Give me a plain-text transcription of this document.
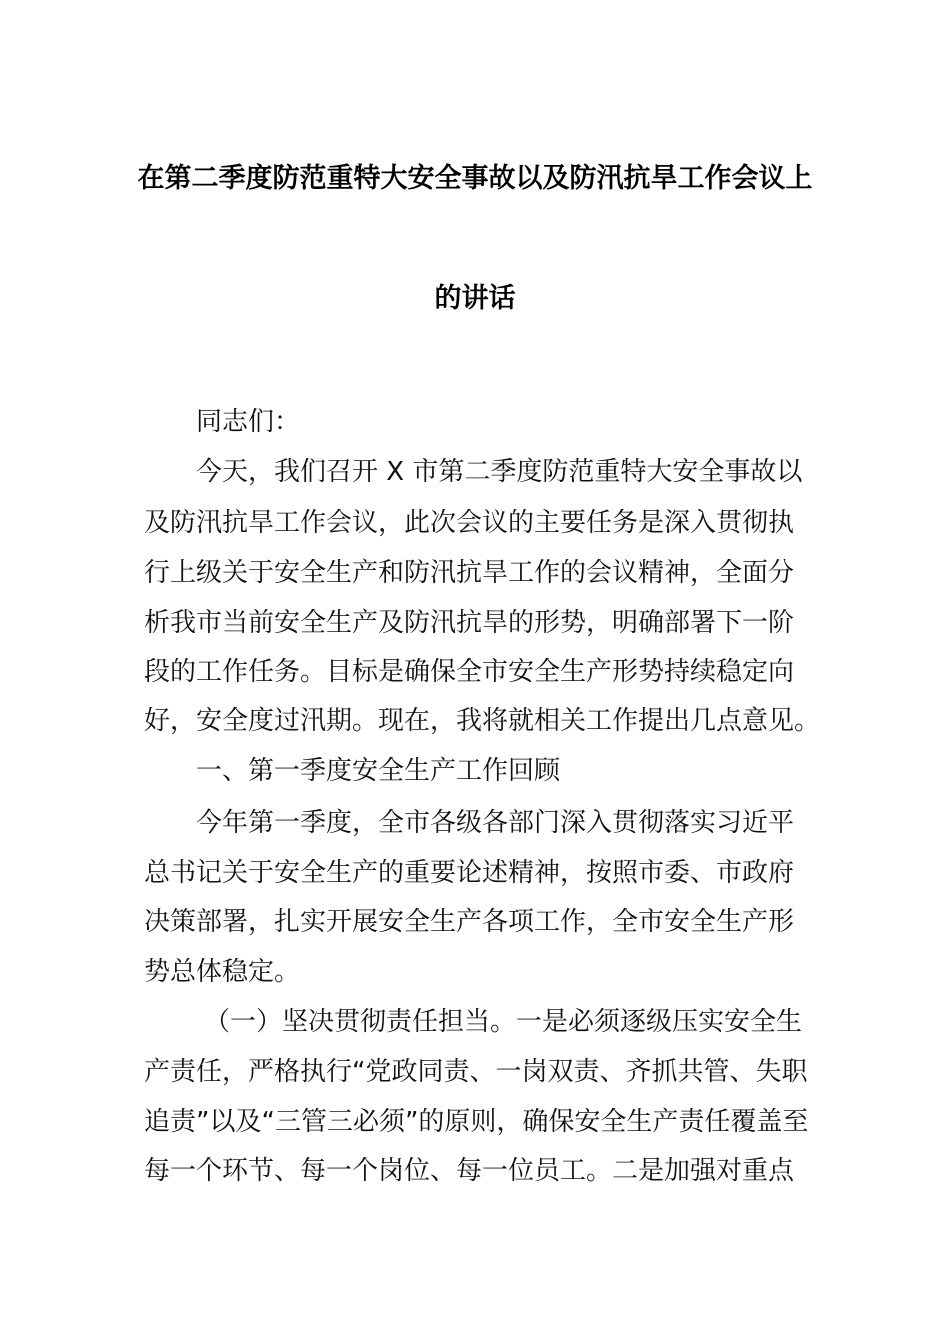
在第二季度防范重特大安全事故以及防汛抗旱工作会议上
的讲话
同志们：
今天，我们召开 X 市第二季度防范重特大安全事故以
及防汛抗旱工作会议，此次会议的主要任务是深入贯彻执
行上级关于安全生产和防汛抗旱工作的会议精神，全面分
析我市当前安全生产及防汛抗旱的形势，明确部署下一阶
段的工作任务。目标是确保全市安全生产形势持续稳定向
好，安全度过汛期。现在，我将就相关工作提出几点意见。
一、第一季度安全生产工作回顾
今年第一季度，全市各级各部门深入贯彻落实习近平
总书记关于安全生产的重要论述精神，按照市委、市政府
决策部署，扎实开展安全生产各项工作，全市安全生产形
势总体稳定。
（一）坚决贯彻责任担当。一是必须逐级压实安全生
产责任，严格执行“党政同责、一岗双责、齐抓共管、失职
追责”以及“三管三必须”的原则，确保安全生产责任覆盖至
每一个环节、每一个岗位、每一位员工。二是加强对重点
